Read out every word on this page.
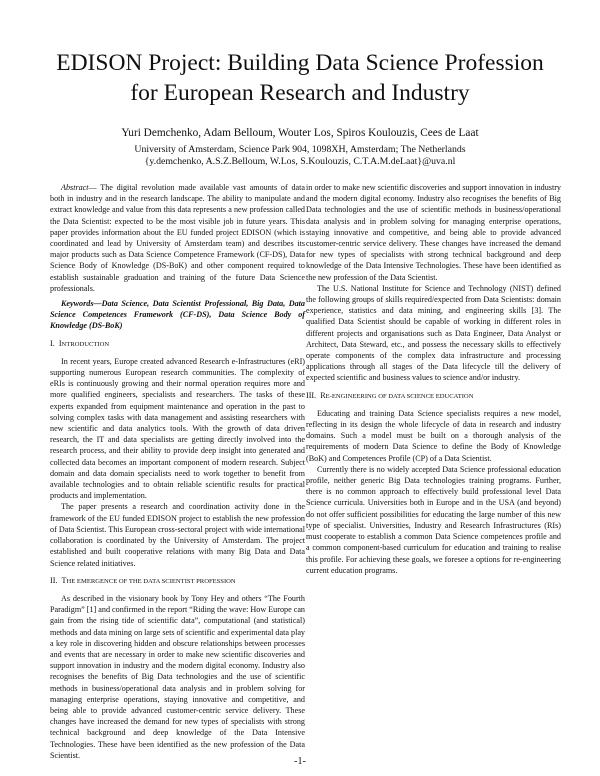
EDISON Project: Building Data Science Profession
for European Research and Industry

Yuri Demchenko, Adam Belloum, Wouter Los, Spiros Koulouzis, Cees de Laat

University of Amsterdam, Science Park 904, 1098XH, Amsterdam; The Netherlands

{y.demchenko, A.S.Z.Belloum, W.Los, S.Koulouzis, C.T.A.M.deLaat}@uva.nl

Abstract— The digital revolution made available vast amounts of data both in industry and in the research landscape. The ability to manipulate and extract knowledge and value from this data represents a new profession called the Data Scientist: expected to be the most visible job in future years. This paper provides information about the EU funded project EDISON (which is coordinated and lead by University of Amsterdam team) and describes its major products such as Data Science Competence Framework (CF-DS), Data Science Body of Knowledge (DS-BoK) and other component required to establish sustainable graduation and training of the future Data Science professionals.

Keywords—Data Science, Data Scientist Professional, Big Data, Data Science Competences Framework (CF-DS), Data Science Body of Knowledge (DS-BoK)

I. INTRODUCTION

In recent years, Europe created advanced Research e-Infrastructures (eRI) supporting numerous European research communities. The complexity of eRIs is continuously growing and their normal operation requires more and more qualified engineers, specialists and researchers. The tasks of these experts expanded from equipment maintenance and operation in the past to solving complex tasks with data management and assisting researchers with new scientific and data analytics tools. With the growth of data driven research, the IT and data specialists are getting directly involved into the research process, and their ability to provide deep insight into generated and collected data becomes an important component of modern research. Subject domain and data domain specialists need to work together to benefit from available technologies and to obtain reliable scientific results for practical products and implementation.

The paper presents a research and coordination activity done in the framework of the EU funded EDISON project to establish the new profession of Data Scientist. This European cross-sectoral project with wide international collaboration is coordinated by the University of Amsterdam. The project established and built cooperative relations with many Big Data and Data Science related initiatives.

II. THE EMERGENCE OF THE DATA SCIENTIST PROFESSION

As described in the visionary book by Tony Hey and others “The Fourth Paradigm” [1] and confirmed in the report “Riding the wave: How Europe can gain from the rising tide of scientific data”, computational (and statistical) methods and data mining on large sets of scientific and experimental data play a key role in discovering hidden and obscure relationships between processes and events that are necessary in order to make new scientific discoveries and support innovation in industry and the modern digital economy. Industry also recognises the benefits of Big Data technologies and the use of scientific methods in business/operational data analysis and in problem solving for managing enterprise operations, staying innovative and competitive, and being able to provide advanced customer-centric service delivery. These changes have increased the demand for new types of specialists with strong technical background and deep knowledge of the Data Intensive Technologies. These have been identified as the new profession of the Data Scientist.

in order to make new scientific discoveries and support innovation in industry and the modern digital economy. Industry also recognises the benefits of Big Data technologies and the use of scientific methods in business/operational data analysis and in problem solving for managing enterprise operations, staying innovative and competitive, and being able to provide advanced customer-centric service delivery. These changes have increased the demand for new types of specialists with strong technical background and deep knowledge of the Data Intensive Technologies. These have been identified as the new profession of the Data Scientist.

The U.S. National Institute for Science and Technology (NIST) defined the following groups of skills required/expected from Data Scientists: domain experience, statistics and data mining, and engineering skills [3]. The qualified Data Scientist should be capable of working in different roles in different projects and organisations such as Data Engineer, Data Analyst or Architect, Data Steward, etc., and possess the necessary skills to effectively operate components of the complex data infrastructure and processing applications through all stages of the Data lifecycle till the delivery of expected scientific and business values to science and/or industry.

III. RE-ENGINEERING OF DATA SCIENCE EDUCATION

Educating and training Data Science specialists requires a new model, reflecting in its design the whole lifecycle of data in research and industry domains. Such a model must be built on a thorough analysis of the requirements of modern Data Science to define the Body of Knowledge (BoK) and Competences Profile (CP) of a Data Scientist.

Currently there is no widely accepted Data Science professional education profile, neither generic Big Data technologies training programs. Further, there is no common approach to effectively build professional level Data Science curricula. Universities both in Europe and in the USA (and beyond) do not offer sufficient possibilities for educating the large number of this new type of specialist. Universities, Industry and Research Infrastructures (RIs) must cooperate to establish a common Data Science competences profile and a common component-based curriculum for education and training to realise this profile. For achieving these goals, we foresee a options for re-engineering current education programs.

-1-
